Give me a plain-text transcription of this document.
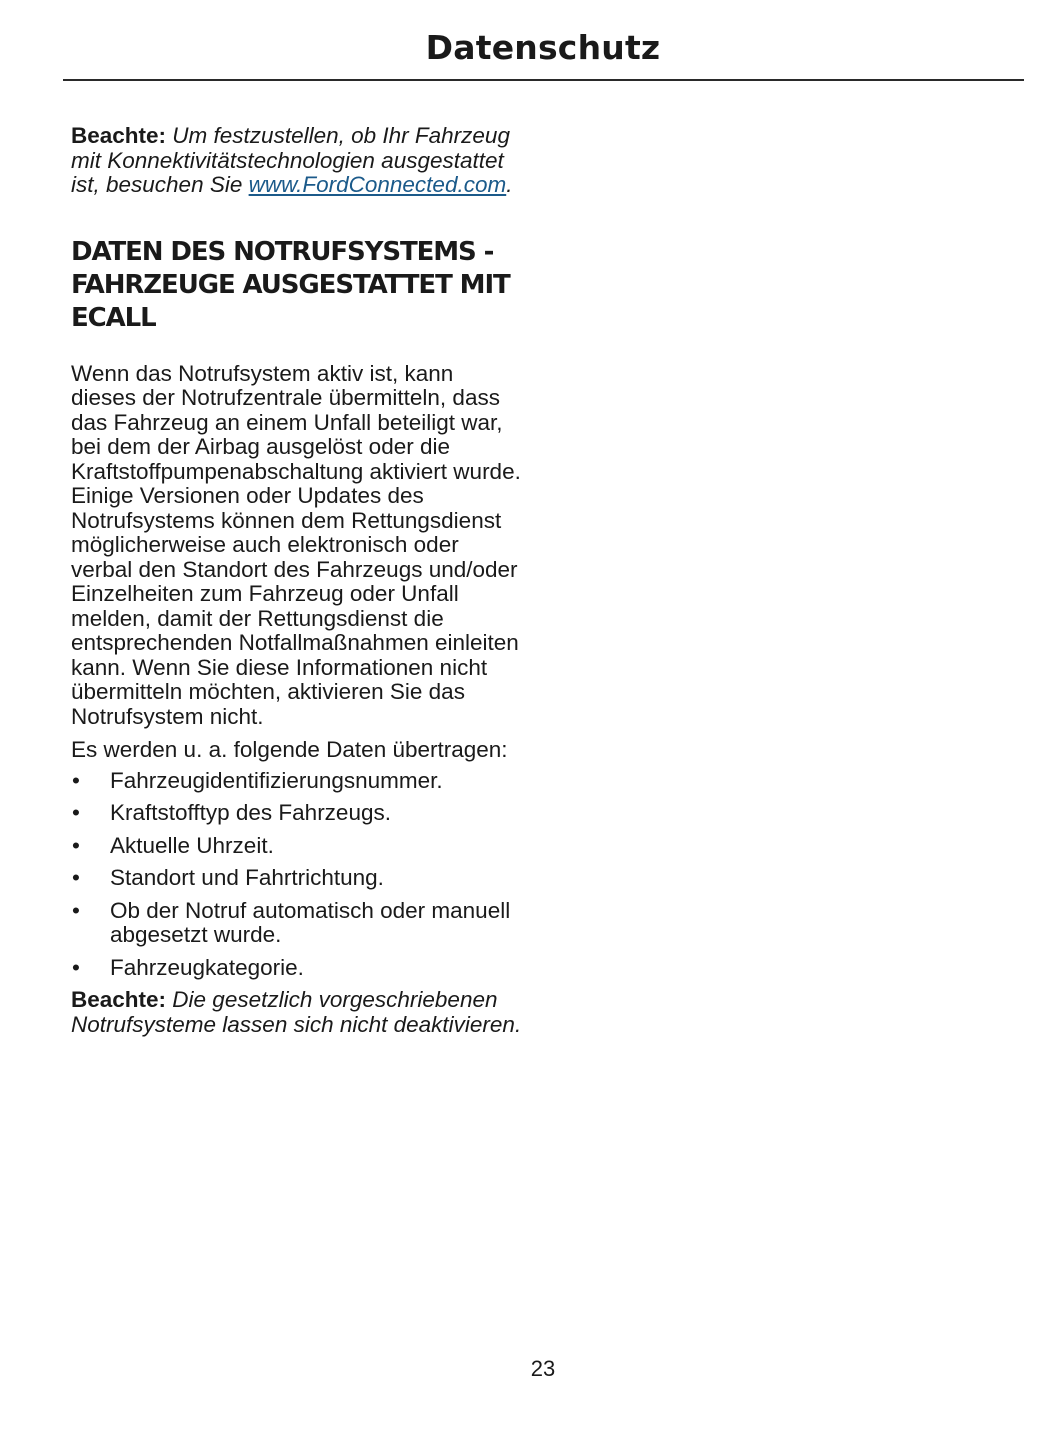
Datenschutz

Beachte: Um festzustellen, ob Ihr Fahrzeug mit Konnektivitätstechnologien ausgestattet ist, besuchen Sie www.FordConnected.com.

DATEN DES NOTRUFSYSTEMS - FAHRZEUGE AUSGESTATTET MIT ECALL

Wenn das Notrufsystem aktiv ist, kann dieses der Notrufzentrale übermitteln, dass das Fahrzeug an einem Unfall beteiligt war, bei dem der Airbag ausgelöst oder die Kraftstoffpumpenabschaltung aktiviert wurde. Einige Versionen oder Updates des Notrufsystems können dem Rettungsdienst möglicherweise auch elektronisch oder verbal den Standort des Fahrzeugs und/oder Einzelheiten zum Fahrzeug oder Unfall melden, damit der Rettungsdienst die entsprechenden Notfallmaßnahmen einleiten kann. Wenn Sie diese Informationen nicht übermitteln möchten, aktivieren Sie das Notrufsystem nicht.

Es werden u. a. folgende Daten übertragen:

• Fahrzeugidentifizierungsnummer.
• Kraftstofftyp des Fahrzeugs.
• Aktuelle Uhrzeit.
• Standort und Fahrtrichtung.
• Ob der Notruf automatisch oder manuell abgesetzt wurde.
• Fahrzeugkategorie.

Beachte: Die gesetzlich vorgeschriebenen Notrufsysteme lassen sich nicht deaktivieren.

23
